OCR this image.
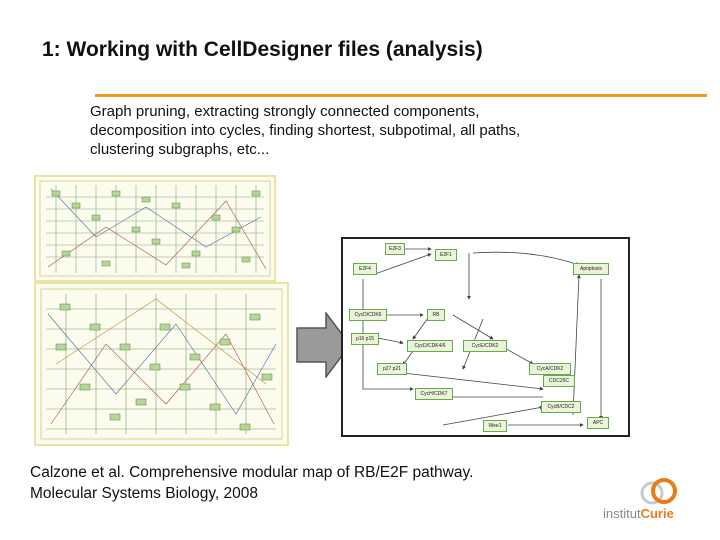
1: Working with CellDesigner files (analysis)
Graph pruning, extracting strongly connected components,
decomposition into cycles, finding shortest, subpotimal, all paths,
clustering subgraphs, etc...
E2F3
E2F1
E2F4	Apoptosis
CycD/CDK6	RB
p16 p15
CycD/CDK4/6	CycE/CDK2
p27 p21	CycA/CDK2
CDC25C
CycH/CDK7
CycB/CDC2
Wee1	APC
Calzone et al. Comprehensive modular map of RB/E2F pathway.
Molecular Systems Biology, 2008
institutCurie
